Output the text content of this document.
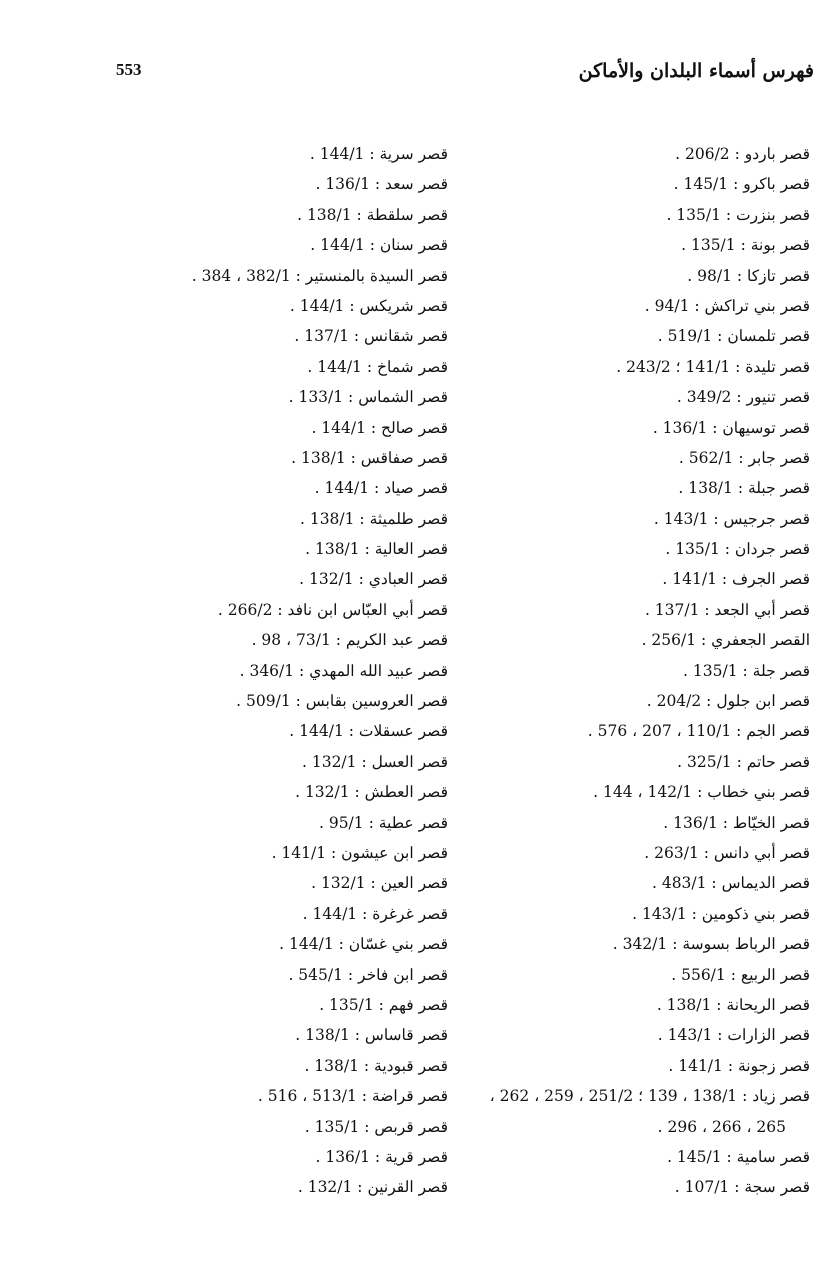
553	فهرس أسماء البلدان والأماكن
قصر باردو : 206/2 .
قصر باكرو : 145/1 .
قصر بنزرت : 135/1 .
قصر بونة : 135/1 .
قصر تازكا : 98/1 .
قصر بني تراكش : 94/1 .
قصر تلمسان : 519/1 .
قصر تليدة : 141/1 ؛ 243/2 .
قصر تنيور : 349/2 .
قصر توسيهان : 136/1 .
قصر جابر : 562/1 .
قصر جبلة : 138/1 .
قصر جرجيس : 143/1 .
قصر جردان : 135/1 .
قصر الجرف : 141/1 .
قصر أبي الجعد : 137/1 .
القصر الجعفري : 256/1 .
قصر جلة : 135/1 .
قصر ابن جلول : 204/2 .
قصر الجم : 110/1 ، 207 ، 576 .
قصر حاتم : 325/1 .
قصر بني خطاب : 142/1 ، 144 .
قصر الخيّاط : 136/1 .
قصر أبي دانس : 263/1 .
قصر الديماس : 483/1 .
قصر بني ذكومين : 143/1 .
قصر الرباط بسوسة : 342/1 .
قصر الربيع : 556/1 .
قصر الريحانة : 138/1 .
قصر الزارات : 143/1 .
قصر زجونة : 141/1 .
قصر زياد : 138/1 ، 139 ؛ 251/2 ، 259 ، 262 ،
265 ، 266 ، 296 .
قصر سامية : 145/1 .
قصر سجة : 107/1 .
قصر سرية : 144/1 .
قصر سعد : 136/1 .
قصر سلقطة : 138/1 .
قصر سنان : 144/1 .
قصر السيدة بالمنستير : 382/1 ، 384 .
قصر شريكس : 144/1 .
قصر شقانس : 137/1 .
قصر شماخ : 144/1 .
قصر الشماس : 133/1 .
قصر صالح : 144/1 .
قصر صفاقس : 138/1 .
قصر صياد : 144/1 .
قصر طلميثة : 138/1 .
قصر العالية : 138/1 .
قصر العبادي : 132/1 .
قصر أبي العبّاس ابن نافد : 266/2 .
قصر عبد الكريم : 73/1 ، 98 .
قصر عبيد الله المهدي : 346/1 .
قصر العروسين بقابس : 509/1 .
قصر عسقلات : 144/1 .
قصر العسل : 132/1 .
قصر العطش : 132/1 .
قصر عطية : 95/1 .
قصر ابن عيشون : 141/1 .
قصر العين : 132/1 .
قصر غرغرة : 144/1 .
قصر بني غسّان : 144/1 .
قصر ابن فاخر : 545/1 .
قصر فهم : 135/1 .
قصر قاساس : 138/1 .
قصر قبودية : 138/1 .
قصر قراضة : 513/1 ، 516 .
قصر قربص : 135/1 .
قصر قرية : 136/1 .
قصر القرنين : 132/1 .
